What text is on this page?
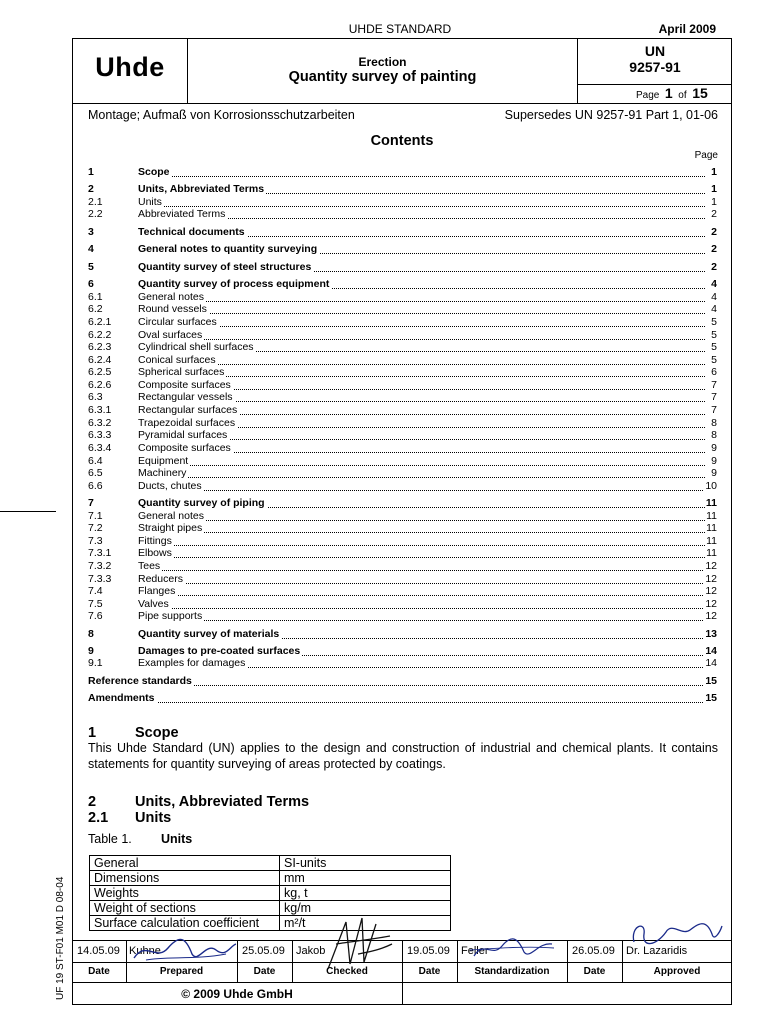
UHDE STANDARD	April 2009
Uhde	Erection
Quantity survey of painting
UN
9257-91
Page 1 of 15
Montage; Aufmaß von Korrosionsschutzarbeiten	Supersedes UN 9257-91 Part 1, 01-06
Contents
Page
1	Scope	1
2	Units, Abbreviated Terms	1
2.1	Units	1
2.2	Abbreviated Terms	2
3	Technical documents	2
4	General notes to quantity surveying	2
5	Quantity survey of steel structures	2
6	Quantity survey of process equipment	4
6.1	General notes	4
6.2	Round vessels	4
6.2.1	Circular surfaces	5
6.2.2	Oval surfaces	5
6.2.3	Cylindrical shell surfaces	5
6.2.4	Conical surfaces	5
6.2.5	Spherical surfaces	6
6.2.6	Composite surfaces	7
6.3	Rectangular vessels	7
6.3.1	Rectangular surfaces	7
6.3.2	Trapezoidal surfaces	8
6.3.3	Pyramidal surfaces	8
6.3.4	Composite surfaces	9
6.4	Equipment	9
6.5	Machinery	9
6.6	Ducts, chutes	10
7	Quantity survey of piping	11
7.1	General notes	11
7.2	Straight pipes	11
7.3	Fittings	11
7.3.1	Elbows	11
7.3.2	Tees	12
7.3.3	Reducers	12
7.4	Flanges	12
7.5	Valves	12
7.6	Pipe supports	12
8	Quantity survey of materials	13
9	Damages to pre-coated surfaces	14
9.1	Examples for damages	14
Reference standards	15
Amendments	15
1	Scope
This Uhde Standard (UN) applies to the design and construction of industrial and chemical plants. It contains statements for quantity surveying of areas protected by coatings.
2	Units, Abbreviated Terms
2.1 Units
Table 1. Units
General	SI-units
Dimensions	mm
Weights	kg, t
Weight of sections	kg/m
Surface calculation coefficient	m²/t
UF 19 ST-F01 M01 D 08-04 14.05.09 Kuhne	25.05.09 Jakob	19.05.09 Feller	26.05.09 Dr. Lazaridis
Date	Prepared	Date	Checked	Date	Standardization	Date	Approved
© 2009 Uhde GmbH
